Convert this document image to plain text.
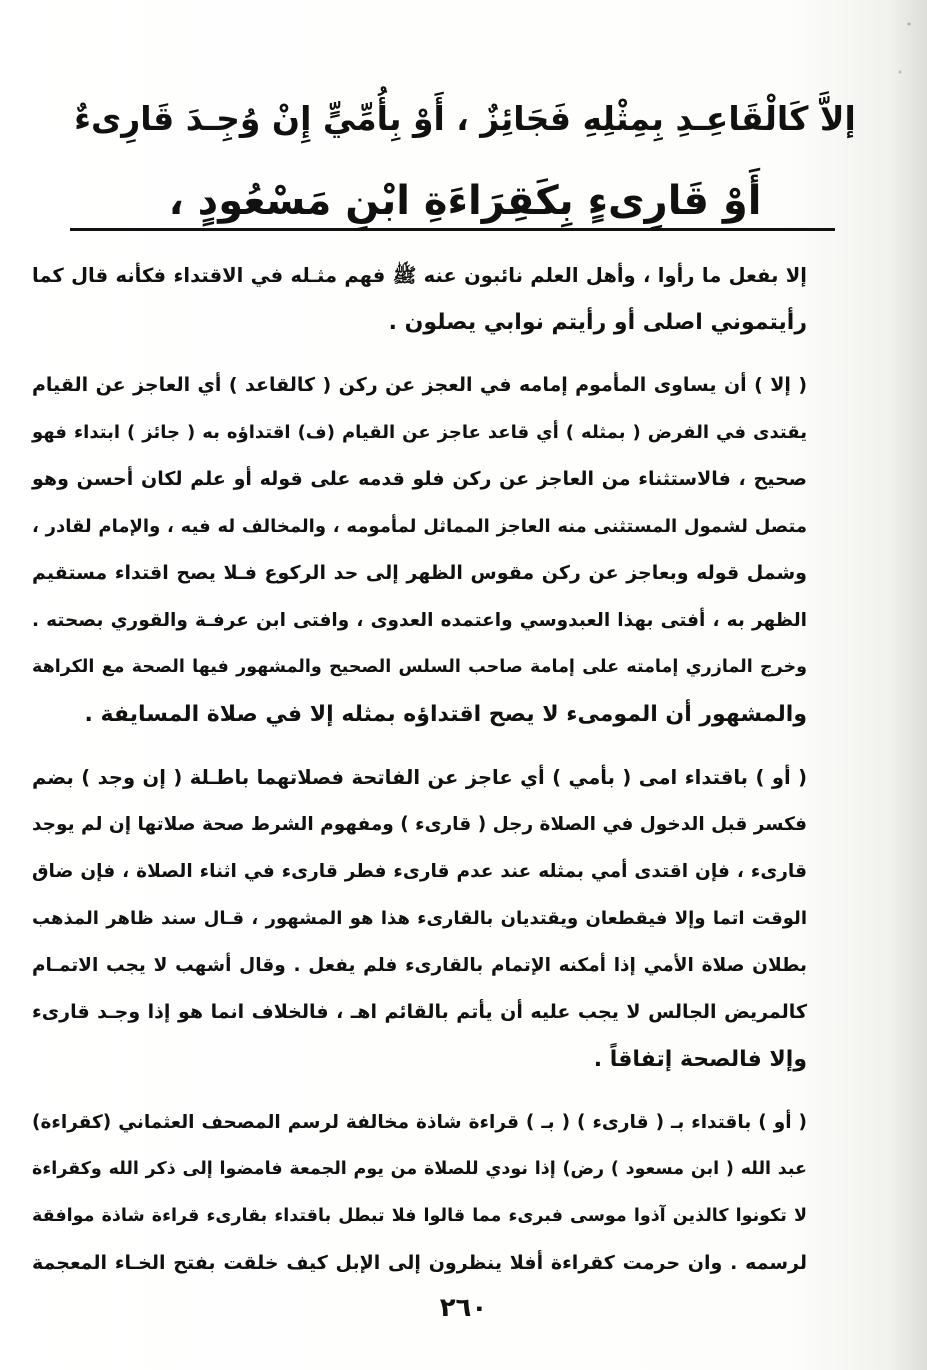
إلاَّ كَالْقَاعِـدِ بِمِثْلِهِ فَجَائِزٌ ، أَوْ بِأُمِّيٍّ إِنْ وُجِـدَ قَارِىءٌ
أَوْ قَارِىءٍ بِكَقِرَاءَةِ ابْنِ مَسْعُودٍ ،

إلا بفعل ما رأوا ، وأهل العلم نائبون عنه ﷺ فهم مثـله في الاقتداء فكأنه قال كما
رأيتموني اصلى أو رأيتم نوابي يصلون .

( إلا ) أن يساوى المأموم إمامه في العجز عن ركن ( كالقاعد ) أي العاجز عن القيام
يقتدى في الفرض ( بمثله ) أي قاعد عاجز عن القيام (ف) اقتداؤه به ( جائز ) ابتداء فهو
صحيح ، فالاستثناء من العاجز عن ركن فلو قدمه على قوله أو علم لكان أحسن وهو
متصل لشمول المستثنى منه العاجز المماثل لمأمومه ، والمخالف له فيه ، والإمام لقادر ،
وشمل قوله وبعاجز عن ركن مقوس الظهر إلى حد الركوع فـلا يصح اقتداء مستقيم
الظهر به ، أفتى بهذا العبدوسي واعتمده العدوى ، وافتى ابن عرفـة والقوري بصحته .
وخرج المازري إمامته على إمامة صاحب السلس الصحيح والمشهور فيها الصحة مع الكراهة
والمشهور أن المومىء لا يصح اقتداؤه بمثله إلا في صلاة المسايفة .

( أو ) باقتداء امى ( بأمي ) أي عاجز عن الفاتحة فصلاتهما باطـلة ( إن وجد ) بضم
فكسر قبل الدخول في الصلاة رجل ( قارىء ) ومفهوم الشرط صحة صلاتها إن لم يوجد
قارىء ، فإن اقتدى أمي بمثله عند عدم قارىء فطر قارىء في اثناء الصلاة ، فإن ضاق
الوقت اتما وإلا فيقطعان ويقتديان بالقارىء هذا هو المشهور ، قـال سند ظاهر المذهب
بطلان صلاة الأمي إذا أمكنه الإتمام بالقارىء فلم يفعل . وقال أشهب لا يجب الاتمـام
كالمريض الجالس لا يجب عليه أن يأتم بالقائم اهـ ، فالخلاف انما هو إذا وجـد قارىء
وإلا فالصحة إتفاقاً .

( أو ) باقتداء بـ ( قارىء ) ( بـ ) قراءة شاذة مخالفة لرسم المصحف العثماني (كقراءة)
عبد الله ( ابن مسعود ) رض) إذا نودي للصلاة من يوم الجمعة فامضوا إلى ذكر الله وكقراءة
لا تكونوا كالذين آذوا موسى فبرىء مما قالوا فلا تبطل باقتداء بقارىء قراءة شاذة موافقة
لرسمه . وان حرمت كقراءة أفلا ينظرون إلى الإبل كيف خلقت بفتح الخـاء المعجمة

٢٦٠
